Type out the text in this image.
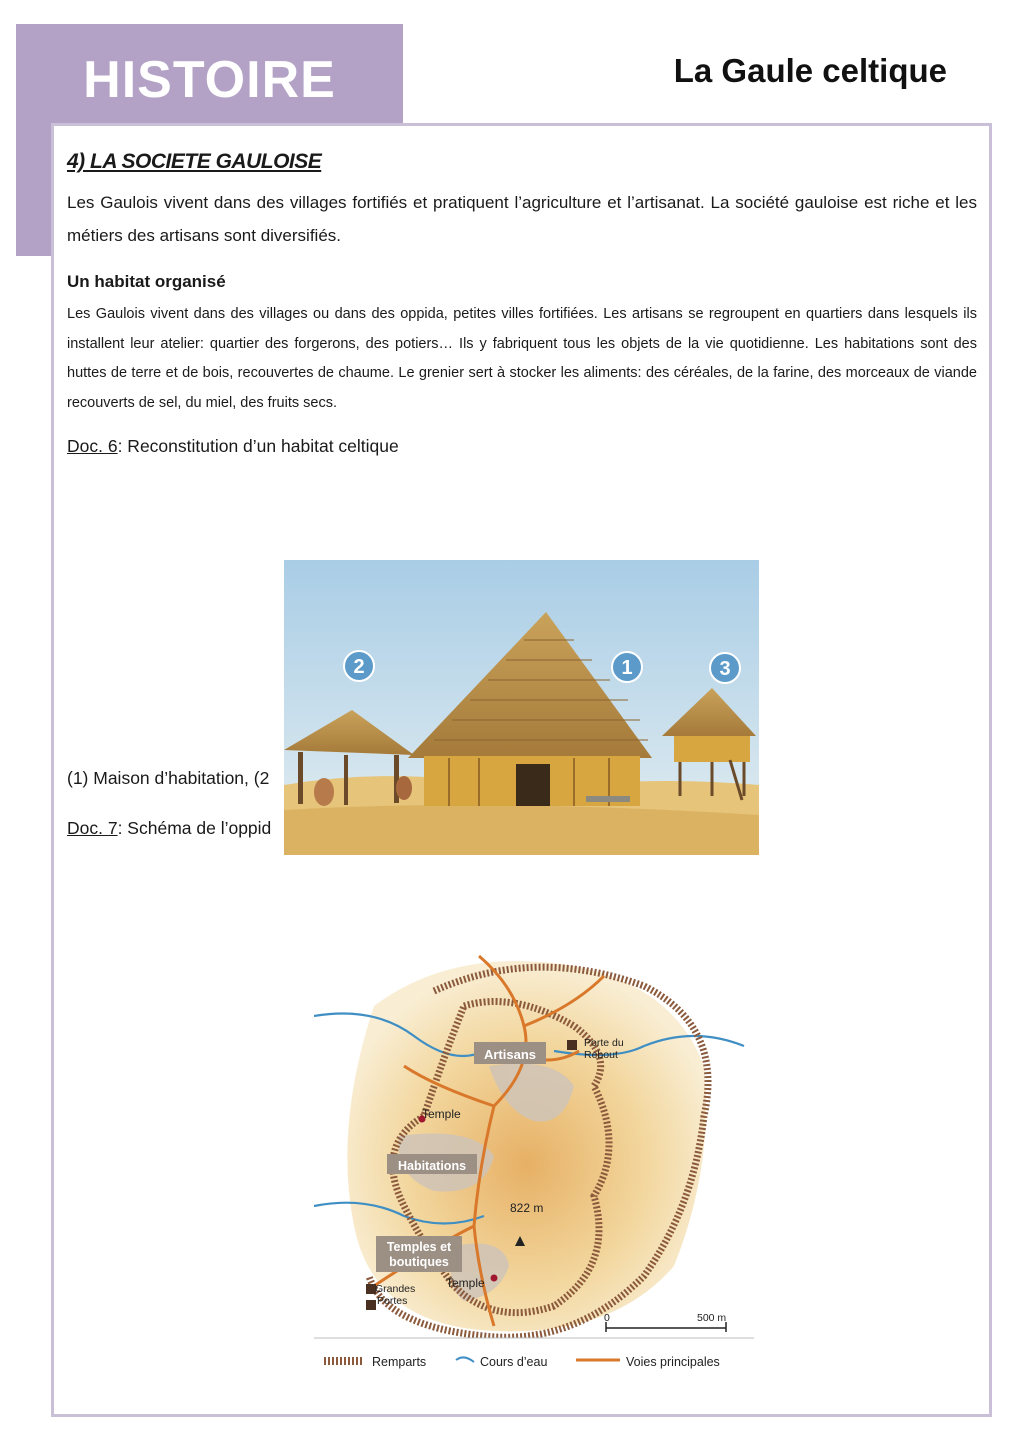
HISTOIRE	La Gaule celtique
4) LA SOCIETE GAULOISE
Les Gaulois vivent dans des villages fortifiés et pratiquent l’agriculture et l’artisanat. La société gauloise est riche et les métiers des artisans sont diversifiés.
Un habitat organisé
Les Gaulois vivent dans des villages ou dans des oppida, petites villes fortifiées. Les artisans se regroupent en quartiers dans lesquels ils installent leur atelier: quartier des forgerons, des potiers… Ils y fabriquent tous les objets de la vie quotidienne. Les habitations sont des huttes de terre et de bois, recouvertes de chaume. Le grenier sert à stocker les aliments: des céréales, de la farine, des morceaux de viande recouverts de sel, du miel, des fruits secs.
Doc. 6: Reconstitution d’un habitat celtique
(1) Maison d’habitation, (2
Doc. 7: Schéma de l’oppid
2	1	3
Artisans
Porte du
Rebout
Temple
Habitations
822 m
Temples et
boutiques
Temple
Grandes
Portes
0	500 m
Remparts	Cours d’eau	Voies principales
